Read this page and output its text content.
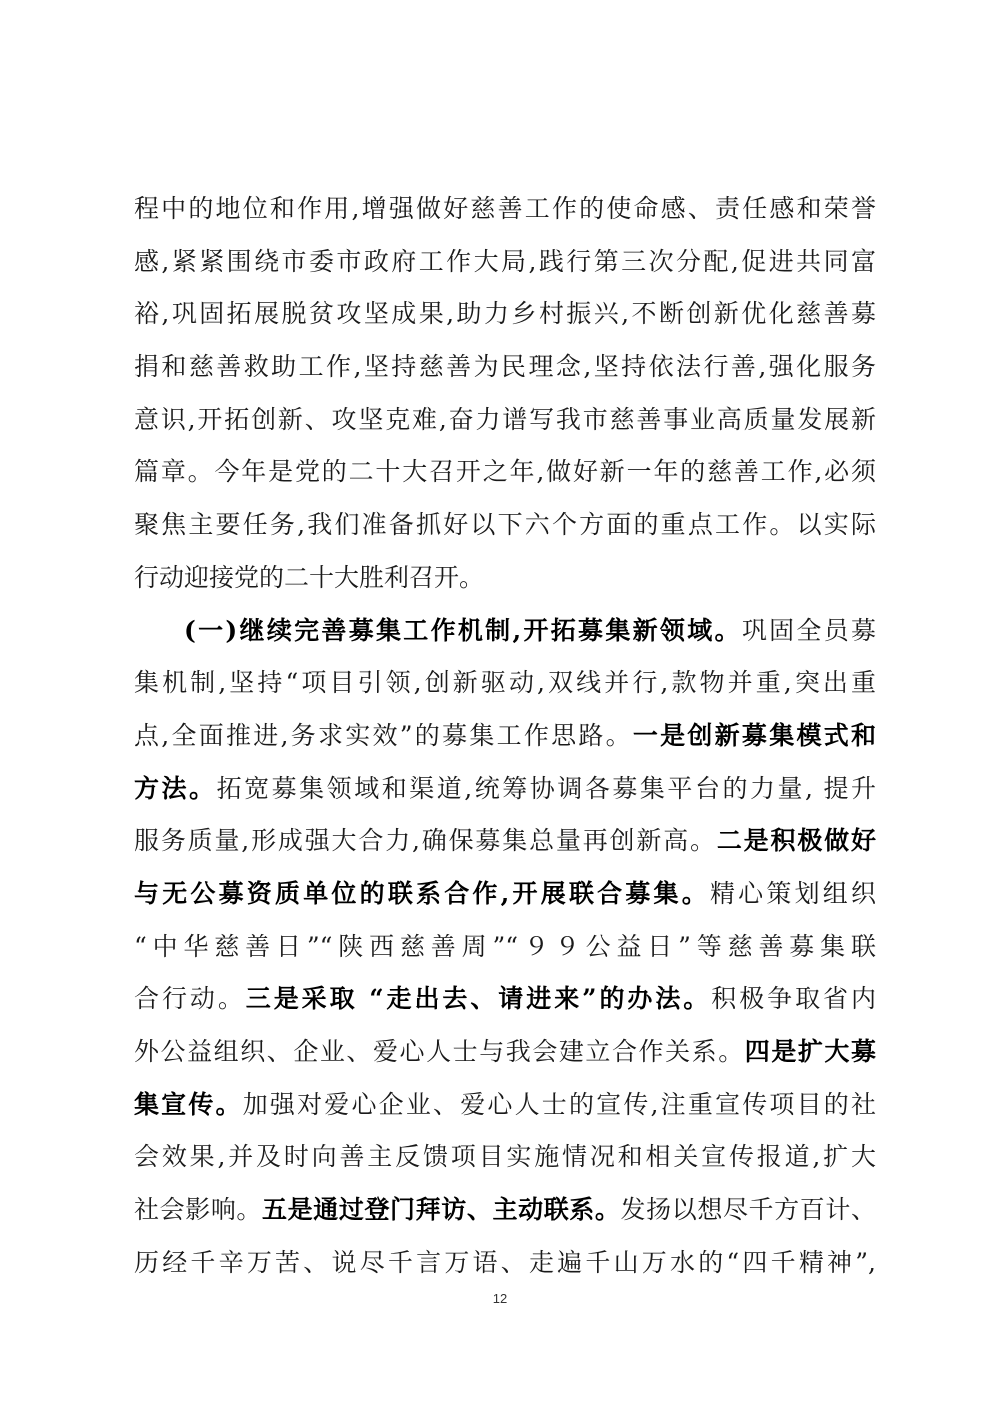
程中的地位和作用,增强做好慈善工作的使命感、责任感和荣誉
感,紧紧围绕市委市政府工作大局,践行第三次分配,促进共同富
裕,巩固拓展脱贫攻坚成果,助力乡村振兴,不断创新优化慈善募
捐和慈善救助工作,坚持慈善为民理念,坚持依法行善,强化服务
意识,开拓创新、攻坚克难,奋力谱写我市慈善事业高质量发展新
篇章。今年是党的二十大召开之年,做好新一年的慈善工作,必须
聚焦主要任务,我们准备抓好以下六个方面的重点工作。以实际
行动迎接党的二十大胜利召开。
(一)继续完善募集工作机制,开拓募集新领域。巩固全员募
集机制,坚持“项目引领,创新驱动,双线并行,款物并重,突出重
点,全面推进,务求实效”的募集工作思路。一是创新募集模式和
方法。拓宽募集领域和渠道,统筹协调各募集平台的力量, 提升
服务质量,形成强大合力,确保募集总量再创新高。二是积极做好
与无公募资质单位的联系合作,开展联合募集。精心策划组织
“中华慈善日”“陕西慈善周”“９９公益日”等慈善募集联
合行动。三是采取 “走出去、请进来”的办法。积极争取省内
外公益组织、企业、爱心人士与我会建立合作关系。四是扩大募
集宣传。加强对爱心企业、爱心人士的宣传,注重宣传项目的社
会效果,并及时向善主反馈项目实施情况和相关宣传报道,扩大
社会影响。五是通过登门拜访、主动联系。发扬以想尽千方百计、
历经千辛万苦、说尽千言万语、走遍千山万水的“四千精神”,
12
